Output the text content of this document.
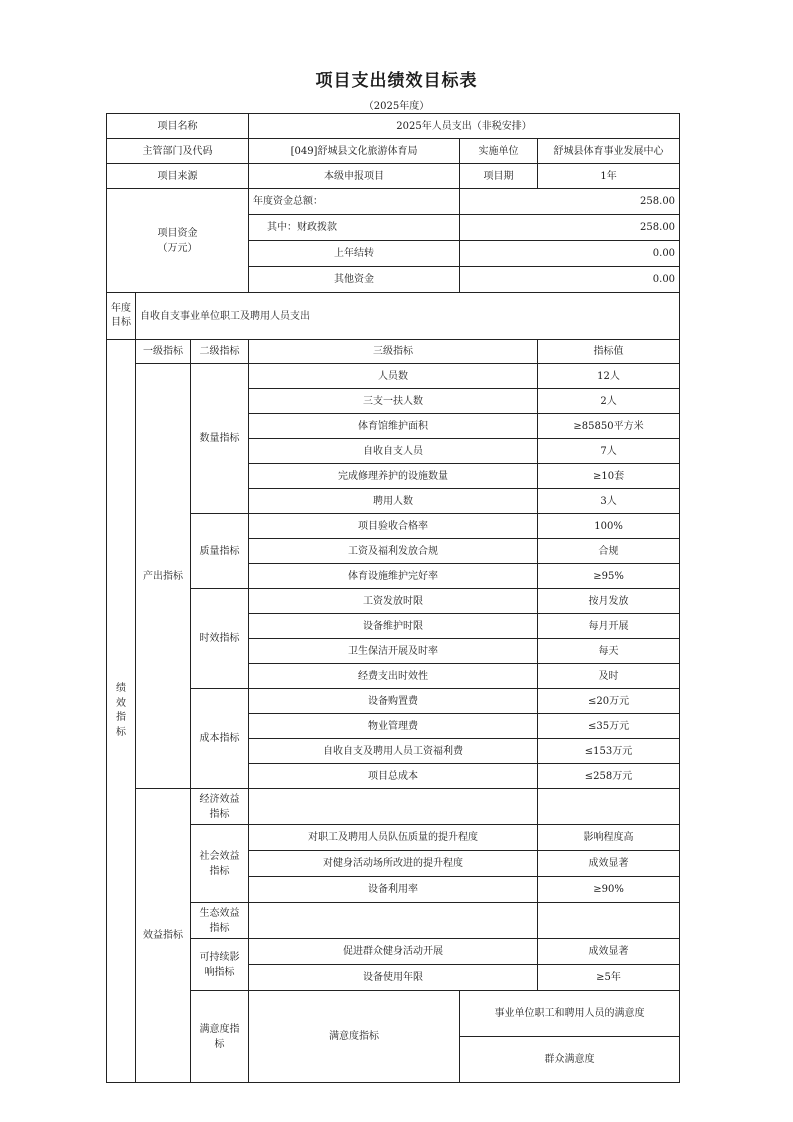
项目支出绩效目标表
（2025年度）
项目名称			2025年人员支出（非税安排）			
主管部门及代码			[049]舒城县文化旅游体育局	实施单位	舒城县体育事业发展中心	
项目来源			本级申报项目	项目期	1年	

项目资金
（万元）			年度资金总额：	258.00		
			其中：财政拨款	258.00		
			上年结转	0.00		
			其他资金	0.00		
年度目标	自收自支事业单位职工及聘用人员支出					
绩效指标	一级指标	二级指标	三级指标		指标值	
	产出指标	数量指标	人员数		12人	
			三支一扶人数		2人	
			体育馆维护面积		≥85850平方米	
			自收自支人员		7人	
			完成修理养护的设施数量		≥10套	
			聘用人数		3人	
		质量指标	项目验收合格率		100%	
			工资及福利发放合规		合规	
			体育设施维护完好率		≥95%	
		时效指标	工资发放时限		按月发放	
			设备维护时限		每月开展	
			卫生保洁开展及时率		每天	
			经费支出时效性		及时	
		成本指标	设备购置费		≤20万元	
			物业管理费		≤35万元	
			自收自支及聘用人员工资福利费		≤153万元	
			项目总成本		≤258万元	
	效益指标	经济效益指标				
		社会效益指标	对职工及聘用人员队伍质量的提升程度		影响程度高	
			对健身活动场所改进的提升程度		成效显著	
			设备利用率		≥90%	
		生态效益指标				
		可持续影响指标	促进群众健身活动开展		成效显著	
			设备使用年限		≥5年	
		满意度指标	满意度指标	事业单位职工和聘用人员的满意度	
				群众满意度	
